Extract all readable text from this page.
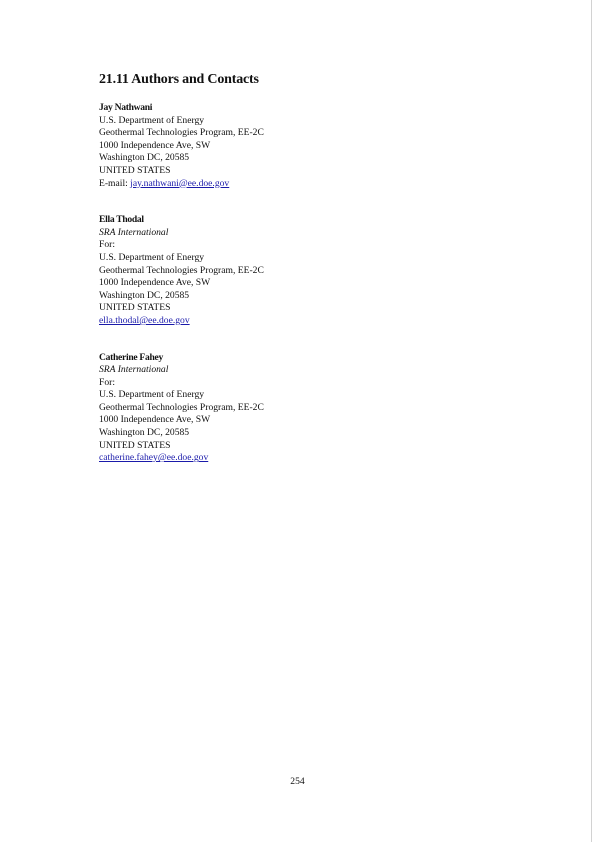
21.11 Authors and Contacts
Jay Nathwani
U.S. Department of Energy
Geothermal Technologies Program, EE-2C
1000 Independence Ave, SW
Washington DC, 20585
UNITED STATES
E-mail: jay.nathwani@ee.doe.gov
Ella Thodal
SRA International
For:
U.S. Department of Energy
Geothermal Technologies Program, EE-2C
1000 Independence Ave, SW
Washington DC, 20585
UNITED STATES
ella.thodal@ee.doe.gov
Catherine Fahey
SRA International
For:
U.S. Department of Energy
Geothermal Technologies Program, EE-2C
1000 Independence Ave, SW
Washington DC, 20585
UNITED STATES
catherine.fahey@ee.doe.gov
254
